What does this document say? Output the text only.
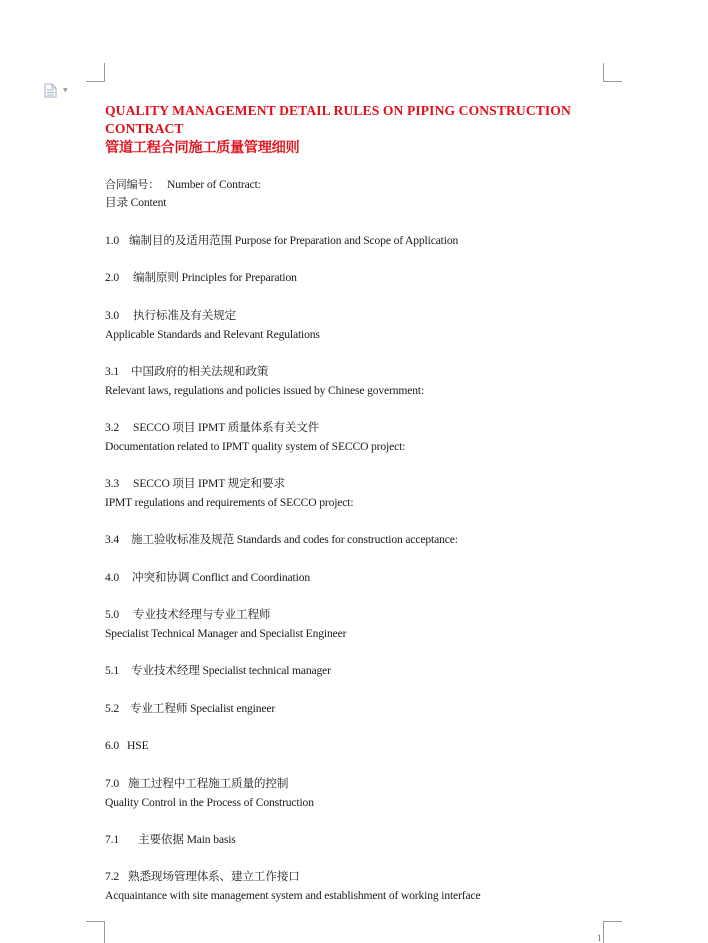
▼
QUALITY MANAGEMENT DETAIL RULES ON PIPING CONSTRUCTION
CONTRACT
管道工程合同施工质量管理细则
合同编号： Number of Contract:
目录 Content
1.0 编制目的及适用范围 Purpose for Preparation and Scope of Application
2.0 编制原则 Principles for Preparation
3.0 执行标准及有关规定
Applicable Standards and Relevant Regulations
3.1 中国政府的相关法规和政策
Relevant laws, regulations and policies issued by Chinese government:
3.2 SECCO 项目 IPMT 质量体系有关文件
Documentation related to IPMT quality system of SECCO project:
3.3 SECCO 项目 IPMT 规定和要求
IPMT regulations and requirements of SECCO project:
3.4 施工验收标准及规范 Standards and codes for construction acceptance:
4.0 冲突和协调 Conflict and Coordination
5.0 专业技术经理与专业工程师
Specialist Technical Manager and Specialist Engineer
5.1 专业技术经理 Specialist technical manager
5.2 专业工程师 Specialist engineer
6.0 HSE
7.0 施工过程中工程施工质量的控制
Quality Control in the Process of Construction
7.1 主要依据 Main basis
7.2 熟悉现场管理体系、建立工作接口
Acquaintance with site management system and establishment of working interface
1
